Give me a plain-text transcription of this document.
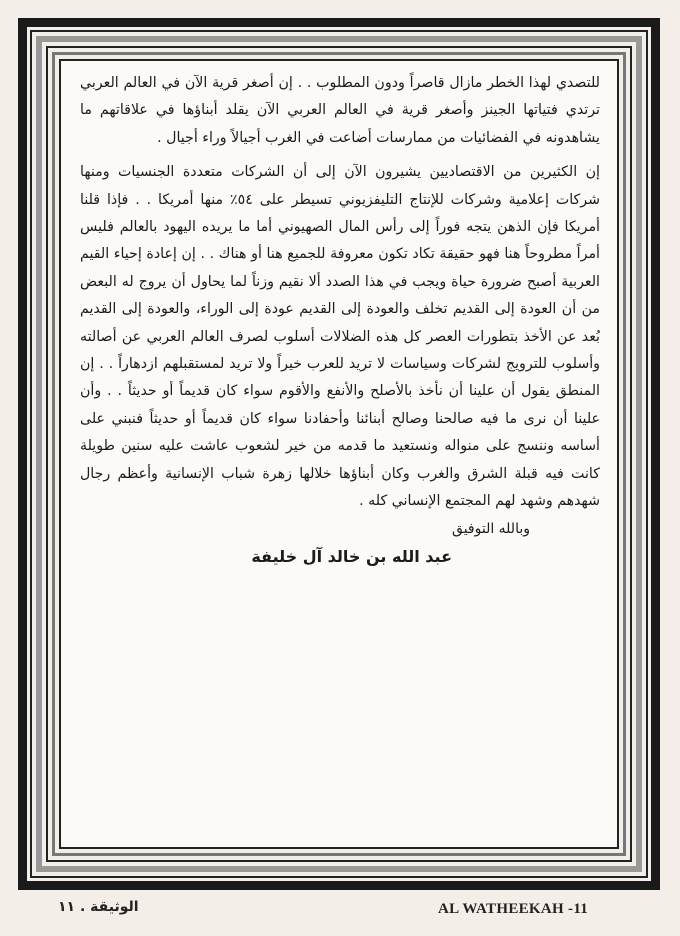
للتصدي لهذا الخطر مازال قاصراً ودون المطلوب . . إن أصغر قرية الآن في العالم العربي ترتدي فتياتها الجينز وأصغر قرية في العالم العربي الآن يقلد أبناؤها في علاقاتهم ما يشاهدونه في الفضائيات من ممارسات أضاعت في الغرب أجيالاً وراء أجيال .

إن الكثيرين من الاقتصاديين يشيرون الآن إلى أن الشركات متعددة الجنسيات ومنها شركات إعلامية وشركات للإنتاج التليفزيوني تسيطر على ٥٤٪ منها أمريكا . . فإذا قلنا أمريكا فإن الذهن يتجه فوراً إلى رأس المال الصهيوني أما ما يريده اليهود بالعالم فليس أمراً مطروحاً هنا فهو حقيقة تكاد تكون معروفة للجميع هنا أو هناك . . إن إعادة إحياء القيم العربية أصبح ضرورة حياة ويجب في هذا الصدد ألا نقيم وزناً لما يحاول أن يروج له البعض من أن العودة إلى القديم تخلف والعودة إلى القديم عودة إلى الوراء، والعودة إلى القديم بُعد عن الأخذ بتطورات العصر كل هذه الضلالات أسلوب لصرف العالم العربي عن أصالته وأسلوب للترويج لشركات وسياسات لا تريد للعرب خيراً ولا تريد لمستقبلهم ازدهاراً . . إن المنطق يقول أن علينا أن نأخذ بالأصلح والأنفع والأقوم سواء كان قديماً أو حديثاً . . وأن علينا أن نرى ما فيه صالحنا وصالح أبنائنا وأحفادنا سواء كان قديماً أو حديثاً فنبني على أساسه وننسج على منواله ونستعيد ما قدمه من خير لشعوب عاشت عليه سنين طويلة كانت فيه قبلة الشرق والغرب وكان أبناؤها خلالها زهرة شباب الإنسانية وأعظم رجال شهدهم وشهد لهم المجتمع الإنساني كله .

وبالله التوفيق

عبد الله بن خالد آل خليفة

AL WATHEEKAH -11
الوثيقة . ١١
